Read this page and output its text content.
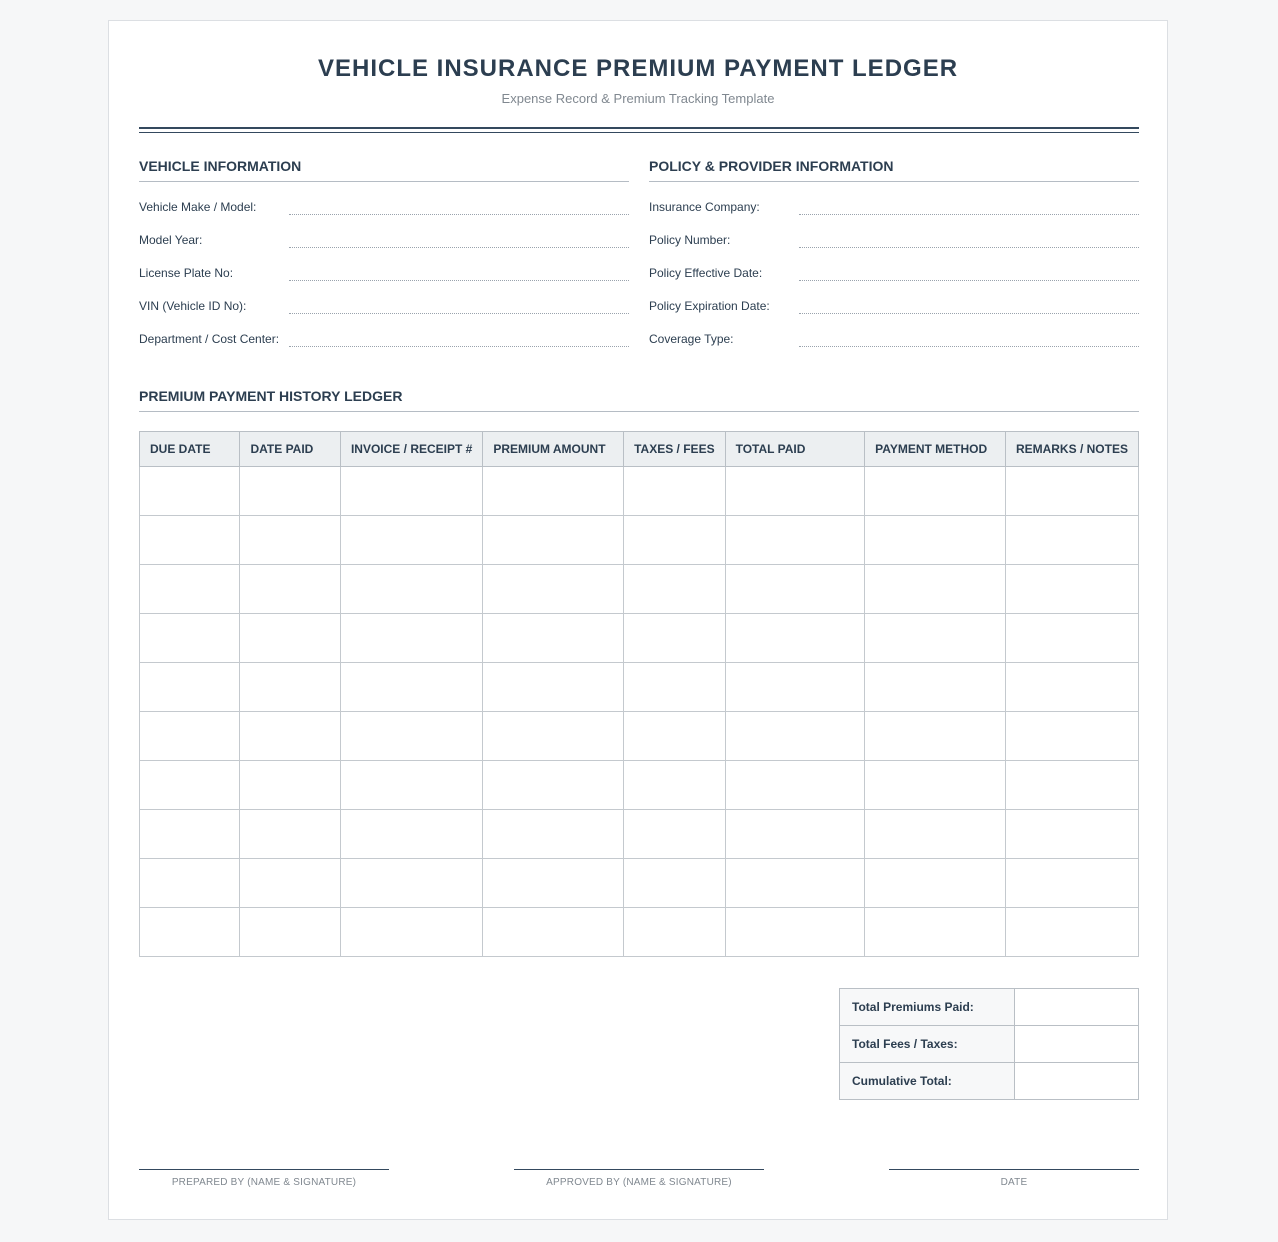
VEHICLE INSURANCE PREMIUM PAYMENT LEDGER
Expense Record & Premium Tracking Template
VEHICLE INFORMATION
Vehicle Make / Model:
Model Year:
License Plate No:
VIN (Vehicle ID No):
Department / Cost Center:
POLICY & PROVIDER INFORMATION
Insurance Company:
Policy Number:
Policy Effective Date:
Policy Expiration Date:
Coverage Type:
PREMIUM PAYMENT HISTORY LEDGER
DUE DATE	DATE PAID	INVOICE / RECEIPT #	PREMIUM AMOUNT	TAXES / FEES	TOTAL PAID	PAYMENT METHOD	REMARKS / NOTES

Total Premiums Paid:	
Total Fees / Taxes:	
Cumulative Total:	
PREPARED BY (NAME & SIGNATURE)	APPROVED BY (NAME & SIGNATURE)	DATE
